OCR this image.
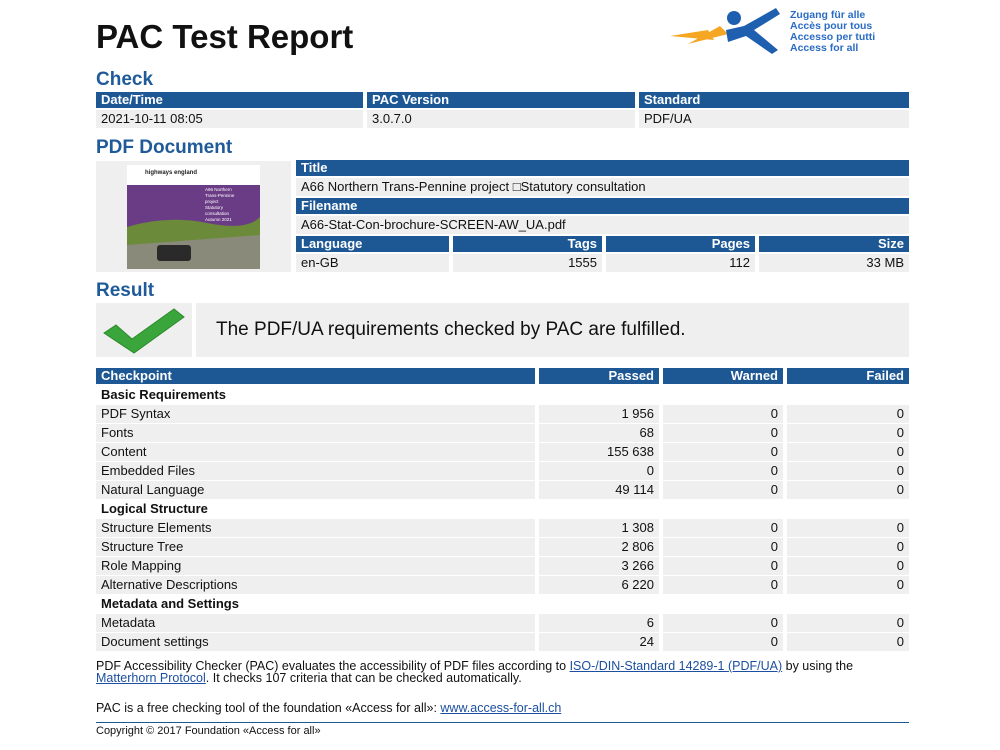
PAC Test Report
Zugang für alle
Accès pour tous
Accesso per tutti
Access for all
Check
Date/Time	PAC Version	Standard
2021-10-11 08:05	3.0.7.0	PDF/UA
PDF Document
highways england
A66 Northern
Trans-Pennine
project
Statutory
consultation
Autumn 2021
Title
A66 Northern Trans-Pennine project □Statutory consultation
Filename
A66-Stat-Con-brochure-SCREEN-AW_UA.pdf
Language	Tags	Pages	Size
en-GB	1555	112	33 MB
Result
The PDF/UA requirements checked by PAC are fulfilled.
Checkpoint	Passed	Warned	Failed
Basic Requirements
PDF Syntax	1 956	0	0
Fonts	68	0	0
Content	155 638	0	0
Embedded Files	0	0	0
Natural Language	49 114	0	0
Logical Structure
Structure Elements	1 308	0	0
Structure Tree	2 806	0	0
Role Mapping	3 266	0	0
Alternative Descriptions	6 220	0	0
Metadata and Settings
Metadata	6	0	0
Document settings	24	0	0
PDF Accessibility Checker (PAC) evaluates the accessibility of PDF files according to ISO-/DIN-Standard 14289-1 (PDF/UA) by using the Matterhorn Protocol. It checks 107 criteria that can be checked automatically.
PAC is a free checking tool of the foundation «Access for all»: www.access-for-all.ch
Copyright © 2017 Foundation «Access for all»
